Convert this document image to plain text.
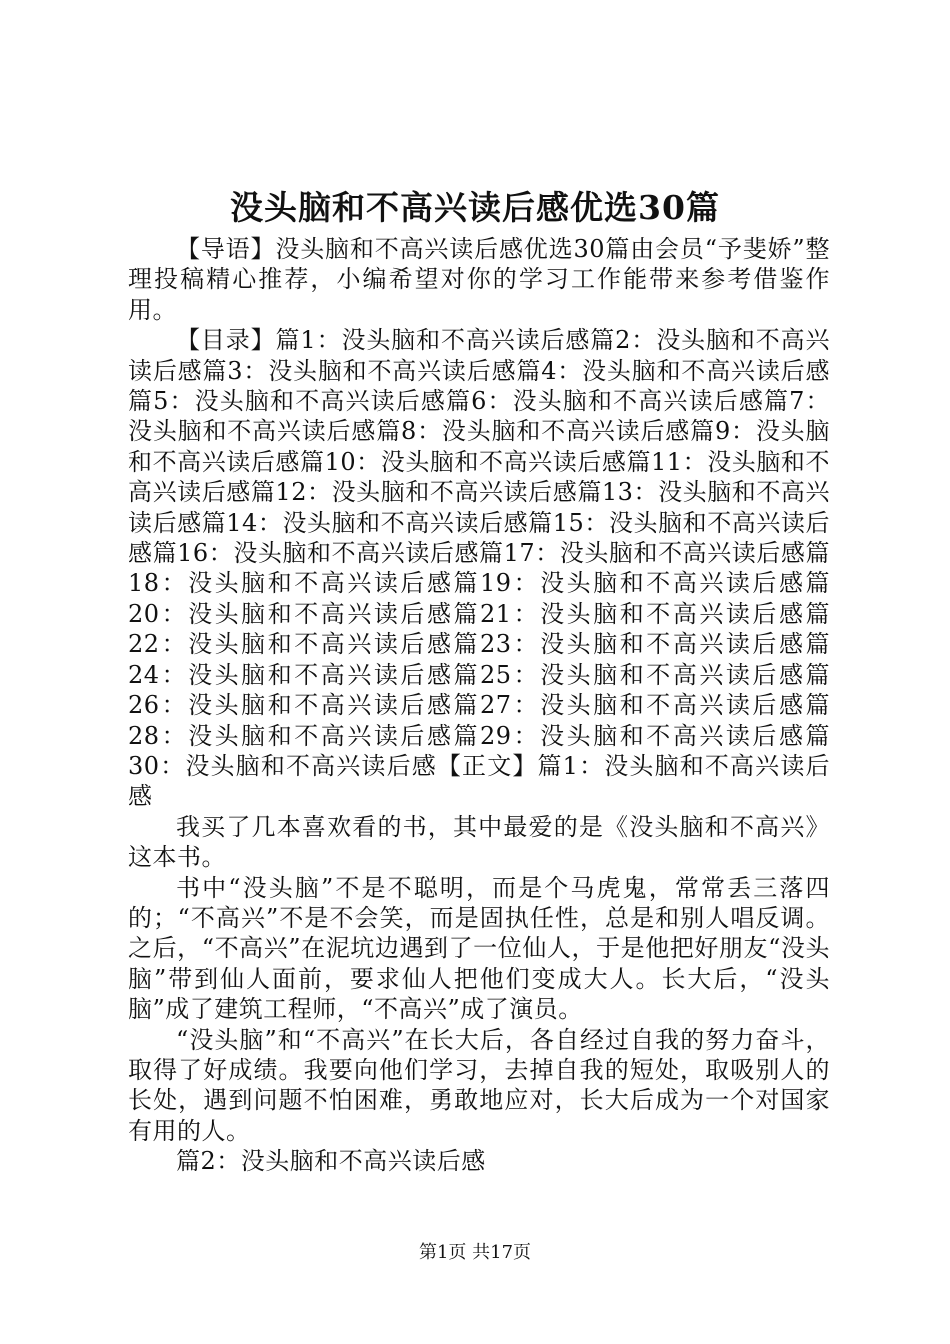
没头脑和不高兴读后感优选30篇

【导语】没头脑和不高兴读后感优选30篇由会员“予斐娇”整理投稿精心推荐，小编希望对你的学习工作能带来参考借鉴作用。

【目录】篇1：没头脑和不高兴读后感篇2：没头脑和不高兴读后感篇3：没头脑和不高兴读后感篇4：没头脑和不高兴读后感篇5：没头脑和不高兴读后感篇6：没头脑和不高兴读后感篇7：没头脑和不高兴读后感篇8：没头脑和不高兴读后感篇9：没头脑和不高兴读后感篇10：没头脑和不高兴读后感篇11：没头脑和不高兴读后感篇12：没头脑和不高兴读后感篇13：没头脑和不高兴读后感篇14：没头脑和不高兴读后感篇15：没头脑和不高兴读后感篇16：没头脑和不高兴读后感篇17：没头脑和不高兴读后感篇18：没头脑和不高兴读后感篇19：没头脑和不高兴读后感篇20：没头脑和不高兴读后感篇21：没头脑和不高兴读后感篇22：没头脑和不高兴读后感篇23：没头脑和不高兴读后感篇24：没头脑和不高兴读后感篇25：没头脑和不高兴读后感篇26：没头脑和不高兴读后感篇27：没头脑和不高兴读后感篇28：没头脑和不高兴读后感篇29：没头脑和不高兴读后感篇30：没头脑和不高兴读后感【正文】篇1：没头脑和不高兴读后感

我买了几本喜欢看的书，其中最爱的是《没头脑和不高兴》这本书。

书中“没头脑”不是不聪明，而是个马虎鬼，常常丢三落四的；“不高兴”不是不会笑，而是固执任性，总是和别人唱反调。之后，“不高兴”在泥坑边遇到了一位仙人，于是他把好朋友“没头脑”带到仙人面前，要求仙人把他们变成大人。长大后，“没头脑”成了建筑工程师，“不高兴”成了演员。

“没头脑”和“不高兴”在长大后，各自经过自我的努力奋斗，取得了好成绩。我要向他们学习，去掉自我的短处，取吸别人的长处，遇到问题不怕困难，勇敢地应对，长大后成为一个对国家有用的人。

篇2：没头脑和不高兴读后感

第1页 共17页
